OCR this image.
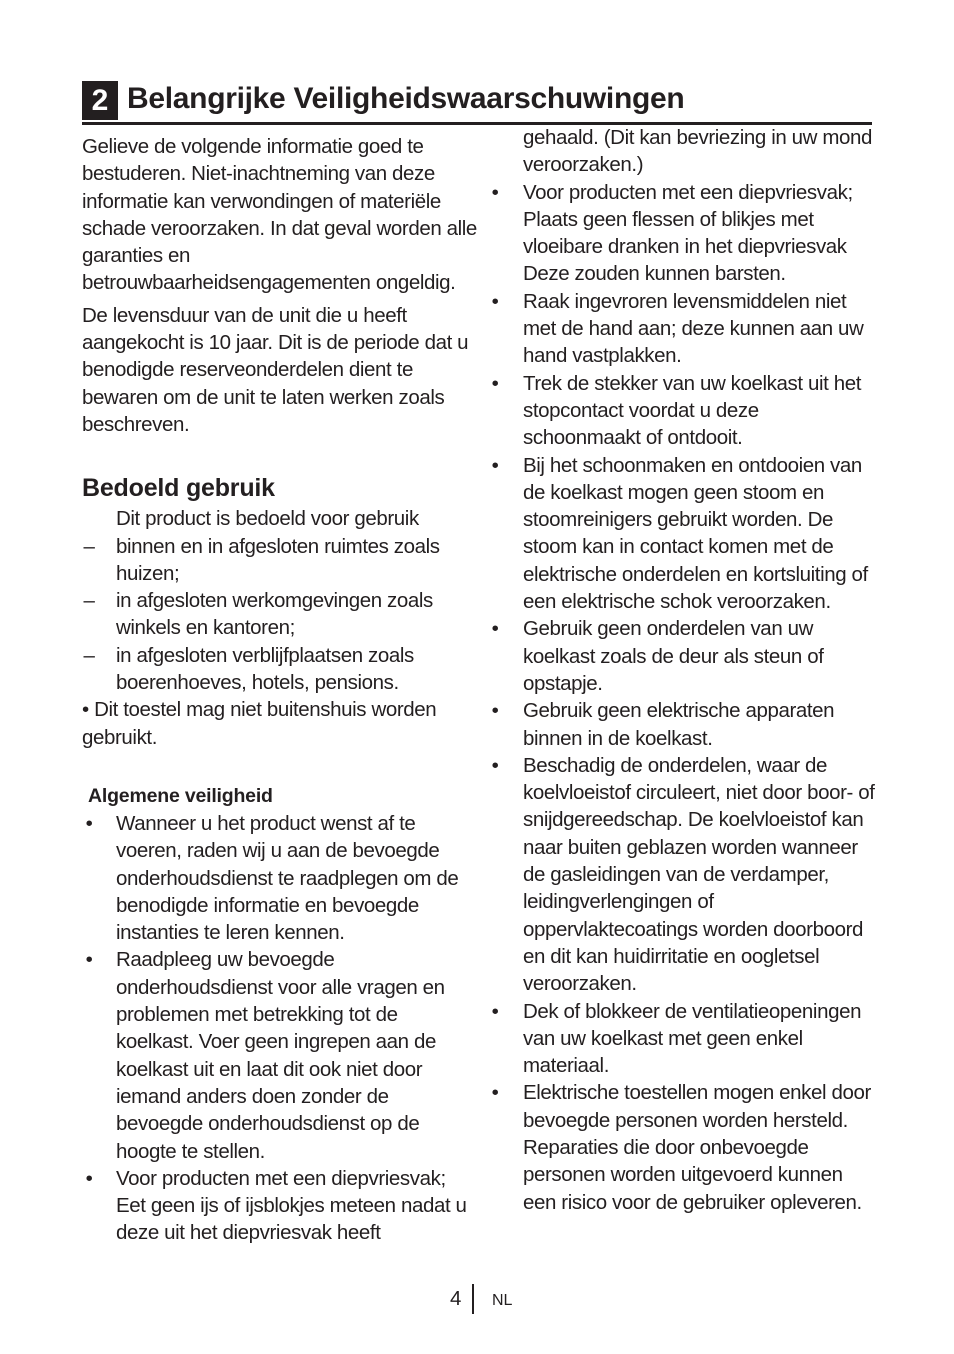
2 Belangrijke Veiligheidswaarschuwingen

Gelieve de volgende informatie goed te bestuderen. Niet-inachtneming van deze informatie kan verwondingen of materiële schade veroorzaken. In dat geval worden alle garanties en betrouwbaarheidsengagementen ongeldig.

De levensduur van de unit die u heeft aangekocht is 10 jaar. Dit is de periode dat u benodigde reserveonderdelen dient te bewaren om de unit te laten werken zoals beschreven.

Bedoeld gebruik

Dit product is bedoeld voor gebruik

– binnen en in afgesloten ruimtes zoals huizen;
– in afgesloten werkomgevingen zoals winkels en kantoren;
– in afgesloten verblijfplaatsen zoals boerenhoeves, hotels, pensions.

• Dit toestel mag niet buitenshuis worden gebruikt.

Algemene veiligheid
• Wanneer u het product wenst af te voeren, raden wij u aan de bevoegde onderhoudsdienst te raadplegen om de benodigde informatie en bevoegde instanties te leren kennen.
• Raadpleeg uw bevoegde onderhoudsdienst voor alle vragen en problemen met betrekking tot de koelkast. Voer geen ingrepen aan de koelkast uit en laat dit ook niet door iemand anders doen zonder de bevoegde onderhoudsdienst op de hoogte te stellen.
• Voor producten met een diepvriesvak; Eet geen ijs of ijsblokjes meteen nadat u deze uit het diepvriesvak heeft

gehaald. (Dit kan bevriezing in uw mond veroorzaken.)

• Voor producten met een diepvriesvak; Plaats geen flessen of blikjes met vloeibare dranken in het diepvriesvak Deze zouden kunnen barsten.
• Raak ingevroren levensmiddelen niet met de hand aan; deze kunnen aan uw hand vastplakken.
• Trek de stekker van uw koelkast uit het stopcontact voordat u deze schoonmaakt of ontdooit.
• Bij het schoonmaken en ontdooien van de koelkast mogen geen stoom en stoomreinigers gebruikt worden. De stoom kan in contact komen met de elektrische onderdelen en kortsluiting of een elektrische schok veroorzaken.
• Gebruik geen onderdelen van uw koelkast zoals de deur als steun of opstapje.
• Gebruik geen elektrische apparaten binnen in de koelkast.
• Beschadig de onderdelen, waar de koelvloeistof circuleert, niet door boor- of snijdgereedschap. De koelvloeistof kan naar buiten geblazen worden wanneer de gasleidingen van de verdamper, leidingverlengingen of oppervlaktecoatings worden doorboord en dit kan huidirritatie en oogletsel veroorzaken.
• Dek of blokkeer de ventilatieopeningen van uw koelkast met geen enkel materiaal.
• Elektrische toestellen mogen enkel door bevoegde personen worden hersteld. Reparaties die door onbevoegde personen worden uitgevoerd kunnen een risico voor de gebruiker opleveren.
4 NL
